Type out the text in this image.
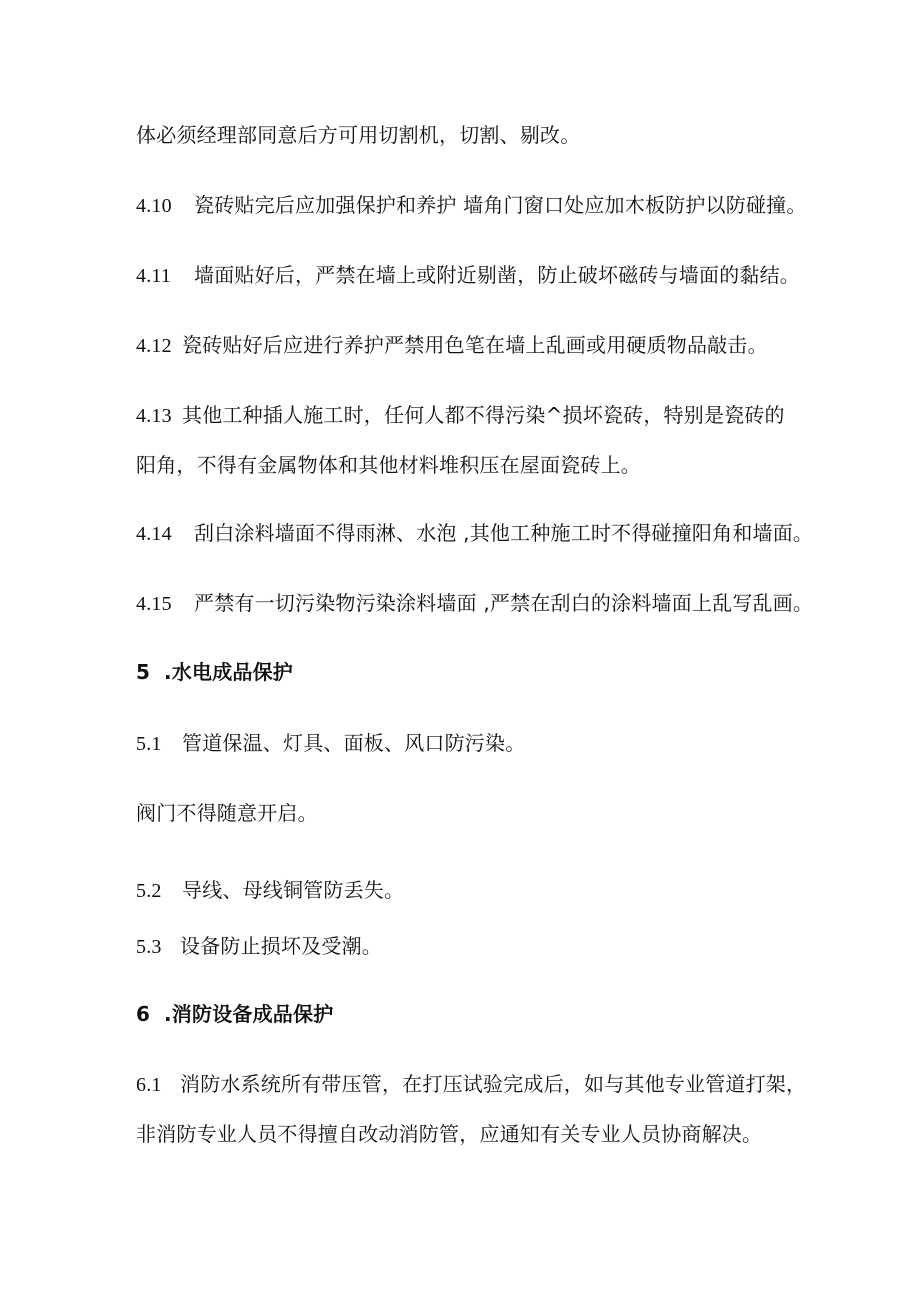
体必须经理部同意后方可用切割机，切割、剔改。
4.10 瓷砖贴完后应加强保护和养护 墙角门窗口处应加木板防护以防碰撞。
4.11 墙面贴好后，严禁在墙上或附近剔凿，防止破坏磁砖与墙面的黏结。
4.12 瓷砖贴好后应进行养护严禁用色笔在墙上乱画或用硬质物品敲击。
4.13 其他工种插人施工时，任何人都不得污染^损坏瓷砖，特别是瓷砖的
阳角，不得有金属物体和其他材料堆积压在屋面瓷砖上。
4.14 刮白涂料墙面不得雨淋、水泡 ,其他工种施工时不得碰撞阳角和墙面。
4.15 严禁有一切污染物污染涂料墙面 ,严禁在刮白的涂料墙面上乱写乱画。
5 .水电成品保护
5.1 管道保温、灯具、面板、风口防污染。
阀门不得随意开启。
5.2 导线、母线铜管防丢失。
5.3 设备防止损坏及受潮。
6 .消防设备成品保护
6.1 消防水系统所有带压管，在打压试验完成后，如与其他专业管道打架，
非消防专业人员不得擅自改动消防管，应通知有关专业人员协商解决。
